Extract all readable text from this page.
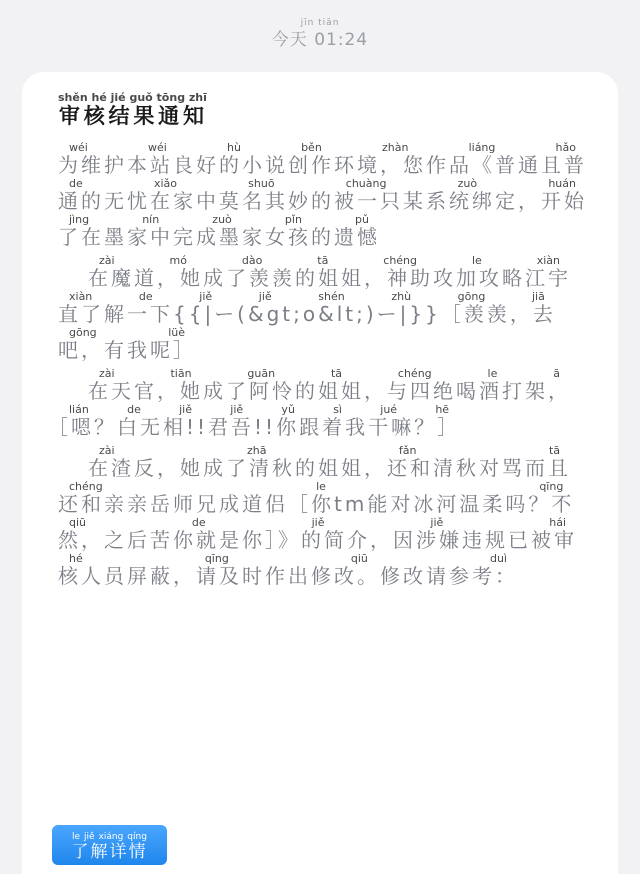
jīn tiān
今天 01:24
审核结果通知shěn hé jié guǒ tōng zhī

为维护本站良好的小说创作环境，您作品《普通且普通的无忧在家中莫名其妙的被一只某系统绑定，开始了在墨家中完成墨家女孩的遗憾wéi wéi hù běn zhàn liáng hǎo de xiǎo shuō chuàng zuò huán jìng nín zuò pǐn pǔ

在魔道，她成了羡羡的姐姐，神助攻加攻略江宇直了解一下{{|ー(&gt;o&lt;)ー|}}［羡羡，去吧，有我呢］zài mó dào tā chéng le xiàn xiàn de jiě jiě shén zhù gōng jiā gōng lüè

在天官，她成了阿怜的姐姐，与四绝喝酒打架，［嗯？白无相!!君吾!!你跟着我干嘛？］zài tiān guān tā chéng le ā lián de jiě jiě yǔ sì jué hē

在渣反，她成了清秋的姐姐，还和清秋对骂而且还和亲亲岳师兄成道侣［你tm能对冰河温柔吗？不然，之后苦你就是你］》的简介，因涉嫌违规已被审核人员屏蔽，请及时作出修改。修改请参考：zài zhā fǎn tā chéng le qīng qiū de jiě jiě hái hé qīng qiū duì

了解详情le jiě xiáng qíng
